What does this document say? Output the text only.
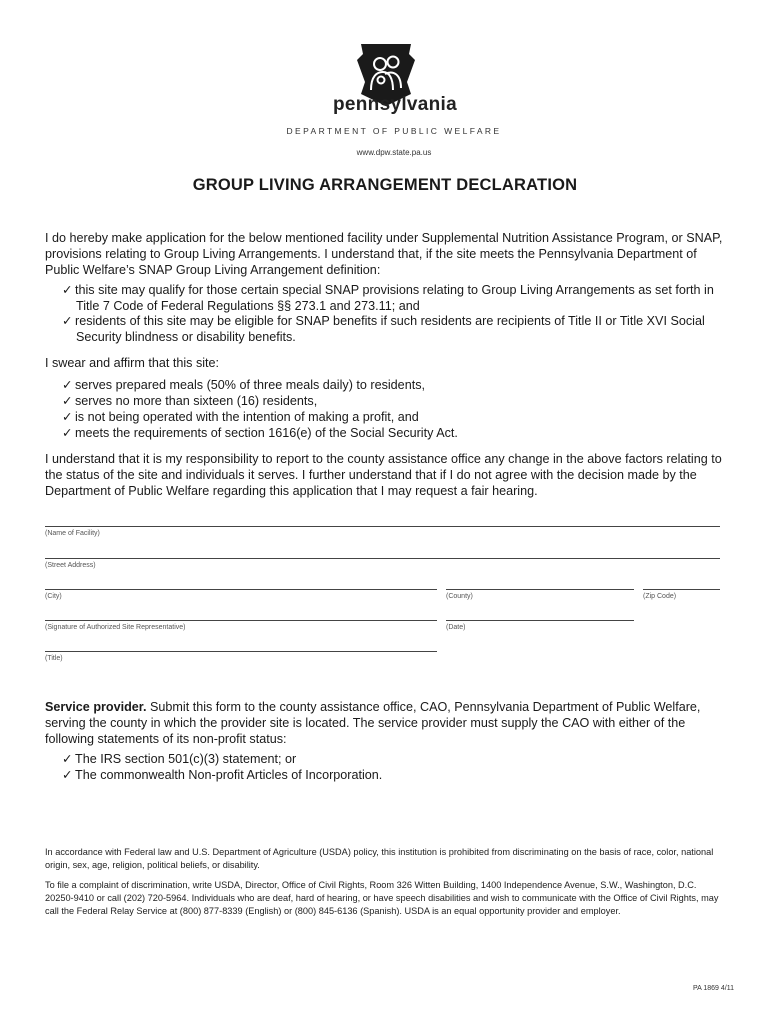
pennsylvania
DEPARTMENT OF PUBLIC WELFARE
www.dpw.state.pa.us
GROUP LIVING ARRANGEMENT DECLARATION

I do hereby make application for the below mentioned facility under Supplemental Nutrition Assistance Program, or SNAP, provisions relating to Group Living Arrangements. I understand that, if the site meets the Pennsylvania Department of Public Welfare’s SNAP Group Living Arrangement definition:

✓ this site may qualify for those certain special SNAP provisions relating to Group Living Arrangements as set forth in
Title 7 Code of Federal Regulations §§ 273.1 and 273.11; and
✓ residents of this site may be eligible for SNAP benefits if such residents are recipients of Title II or Title XVI Social
Security blindness or disability benefits.

I swear and affirm that this site:

✓ serves prepared meals (50% of three meals daily) to residents,
✓ serves no more than sixteen (16) residents,
✓ is not being operated with the intention of making a profit, and
✓ meets the requirements of section 1616(e) of the Social Security Act.

I understand that it is my responsibility to report to the county assistance office any change in the above factors relating to the status of the site and individuals it serves. I further understand that if I do not agree with the decision made by the Department of Public Welfare regarding this application that I may request a fair hearing.

(Name of Facility)
(Street Address)
(City)	(County)	(Zip Code)
(Signature of Authorized Site Representative)	(Date)
(Title)

Service provider. Submit this form to the county assistance office, CAO, Pennsylvania Department of Public Welfare, serving the county in which the provider site is located. The service provider must supply the CAO with either of the following statements of its non-profit status:

✓ The IRS section 501(c)(3) statement; or
✓ The commonwealth Non-profit Articles of Incorporation.

In accordance with Federal law and U.S. Department of Agriculture (USDA) policy, this institution is prohibited from discriminating on the basis of race, color, national origin, sex, age, religion, political beliefs, or disability.

To file a complaint of discrimination, write USDA, Director, Office of Civil Rights, Room 326 Witten Building, 1400 Independence Avenue, S.W., Washington, D.C. 20250-9410 or call (202) 720-5964. Individuals who are deaf, hard of hearing, or have speech disabilities and wish to communicate with the Office of Civil Rights, may call the Federal Relay Service at (800) 877-8339 (English) or (800) 845-6136 (Spanish). USDA is an equal opportunity provider and employer.

PA 1869 4/11
